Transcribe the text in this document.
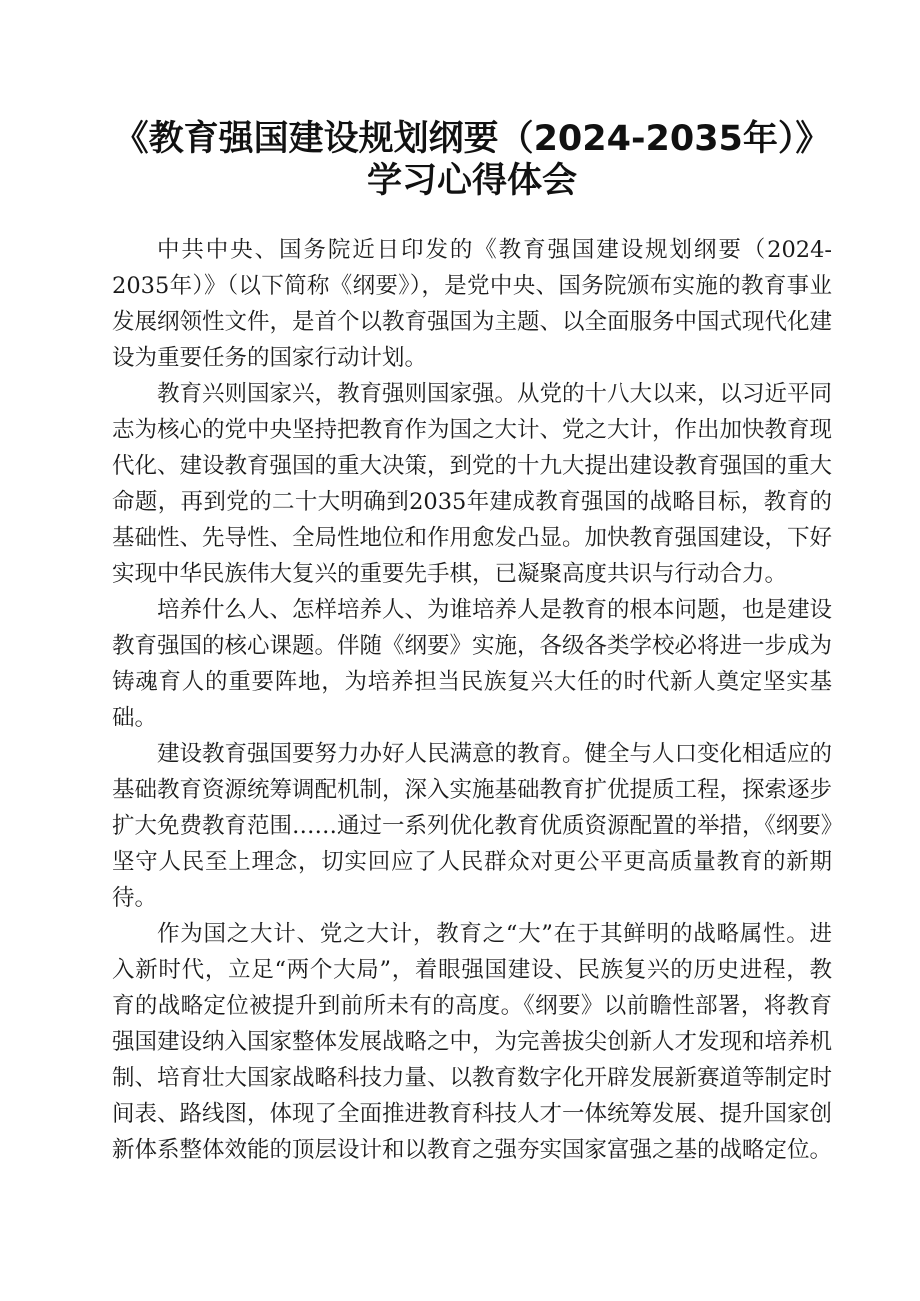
《教育强国建设规划纲要（2024-2035年）》学习心得体会

中共中央、国务院近日印发的《教育强国建设规划纲要（2024-2035年）》（以下简称《纲要》），是党中央、国务院颁布实施的教育事业发展纲领性文件，是首个以教育强国为主题、以全面服务中国式现代化建设为重要任务的国家行动计划。

教育兴则国家兴，教育强则国家强。从党的十八大以来，以习近平同志为核心的党中央坚持把教育作为国之大计、党之大计，作出加快教育现代化、建设教育强国的重大决策，到党的十九大提出建设教育强国的重大命题，再到党的二十大明确到2035年建成教育强国的战略目标，教育的基础性、先导性、全局性地位和作用愈发凸显。加快教育强国建设，下好实现中华民族伟大复兴的重要先手棋，已凝聚高度共识与行动合力。

培养什么人、怎样培养人、为谁培养人是教育的根本问题，也是建设教育强国的核心课题。伴随《纲要》实施，各级各类学校必将进一步成为铸魂育人的重要阵地，为培养担当民族复兴大任的时代新人奠定坚实基础。

建设教育强国要努力办好人民满意的教育。健全与人口变化相适应的基础教育资源统筹调配机制，深入实施基础教育扩优提质工程，探索逐步扩大免费教育范围……通过一系列优化教育优质资源配置的举措，《纲要》坚守人民至上理念，切实回应了人民群众对更公平更高质量教育的新期待。

作为国之大计、党之大计，教育之“大”在于其鲜明的战略属性。进入新时代，立足“两个大局”，着眼强国建设、民族复兴的历史进程，教育的战略定位被提升到前所未有的高度。《纲要》以前瞻性部署，将教育强国建设纳入国家整体发展战略之中，为完善拔尖创新人才发现和培养机制、培育壮大国家战略科技力量、以教育数字化开辟发展新赛道等制定时间表、路线图，体现了全面推进教育科技人才一体统筹发展、提升国家创新体系整体效能的顶层设计和以教育之强夯实国家富强之基的战略定位。
